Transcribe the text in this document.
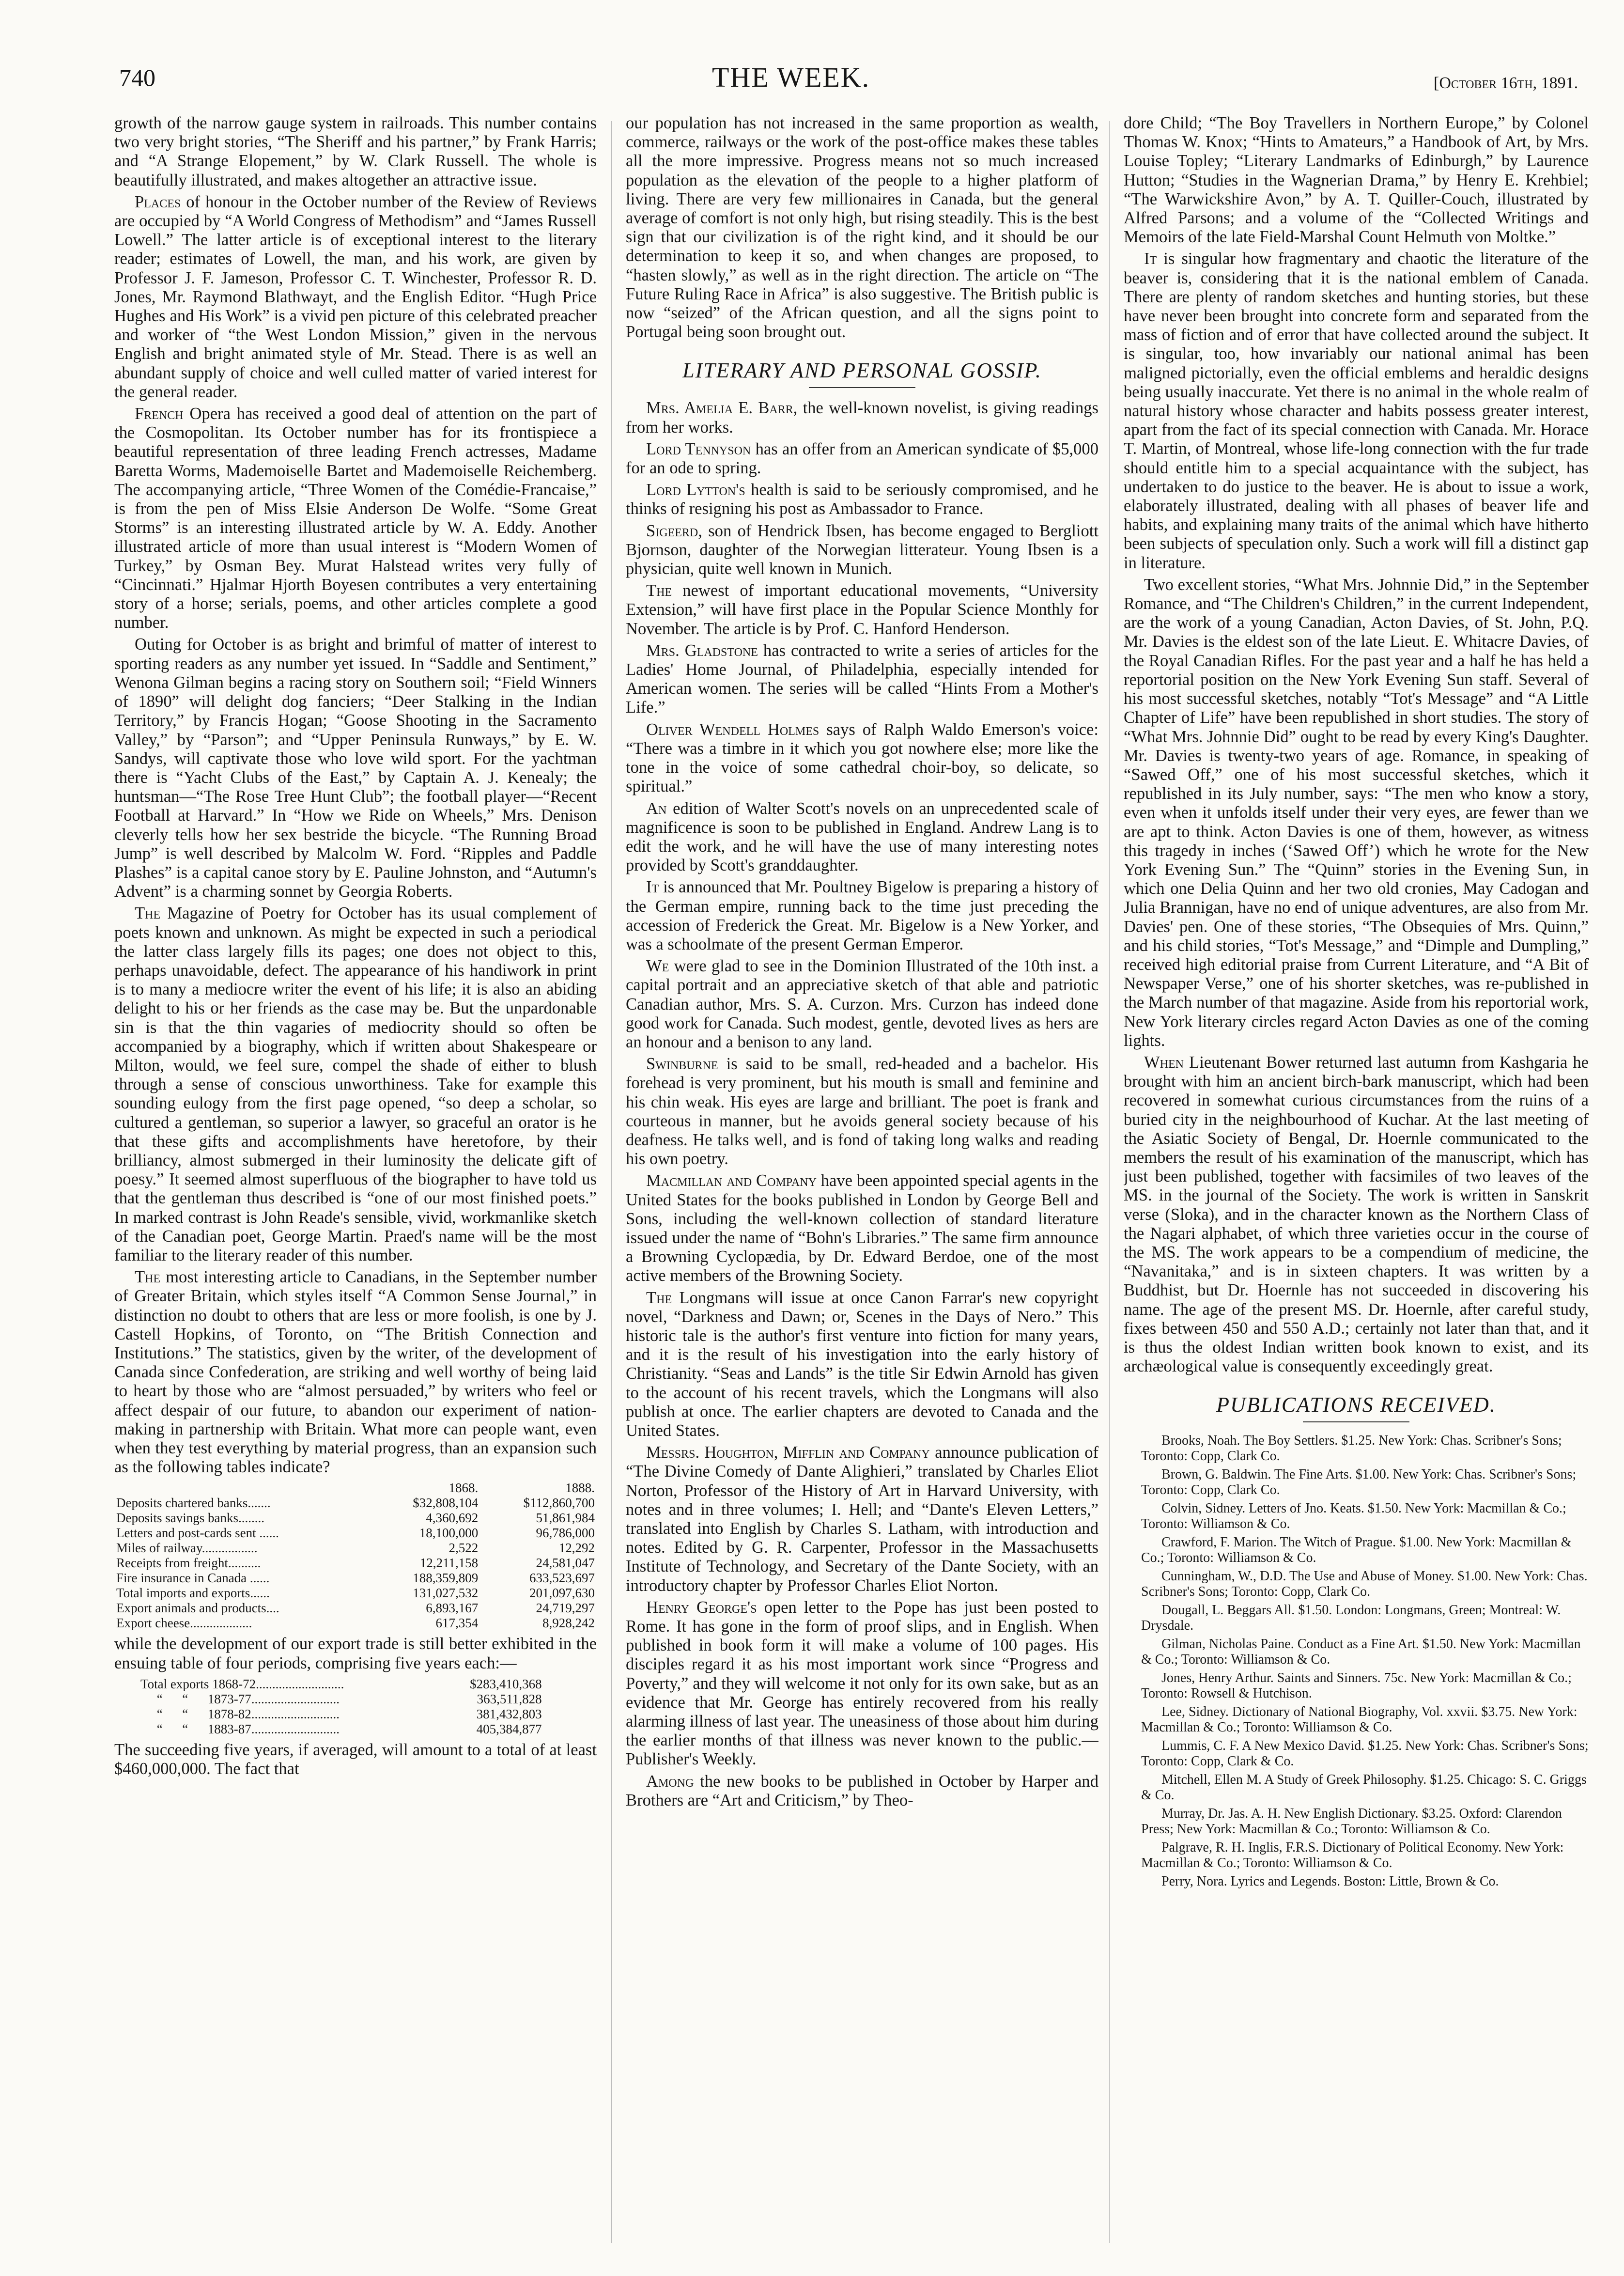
740	THE WEEK.	[October 16th, 1891.

growth of the narrow gauge system in railroads. This number contains two very bright stories, “The Sheriff and his partner,” by Frank Harris; and “A Strange Elopement,” by W. Clark Russell. The whole is beautifully illustrated, and makes altogether an attractive issue.

Places of honour in the October number of the Review of Reviews are occupied by “A World Congress of Methodism” and “James Russell Lowell.” The latter article is of exceptional interest to the literary reader; estimates of Lowell, the man, and his work, are given by Professor J. F. Jameson, Professor C. T. Winchester, Professor R. D. Jones, Mr. Raymond Blathwayt, and the English Editor. “Hugh Price Hughes and His Work” is a vivid pen picture of this celebrated preacher and worker of “the West London Mission,” given in the nervous English and bright animated style of Mr. Stead. There is as well an abundant supply of choice and well culled matter of varied interest for the general reader.

French Opera has received a good deal of attention on the part of the Cosmopolitan. Its October number has for its frontispiece a beautiful representation of three leading French actresses, Madame Baretta Worms, Mademoiselle Bartet and Mademoiselle Reichemberg. The accompanying article, “Three Women of the Comédie-Francaise,” is from the pen of Miss Elsie Anderson De Wolfe. “Some Great Storms” is an interesting illustrated article by W. A. Eddy. Another illustrated article of more than usual interest is “Modern Women of Turkey,” by Osman Bey. Murat Halstead writes very fully of “Cincinnati.” Hjalmar Hjorth Boyesen contributes a very entertaining story of a horse; serials, poems, and other articles complete a good number.

Outing for October is as bright and brimful of matter of interest to sporting readers as any number yet issued. In “Saddle and Sentiment,” Wenona Gilman begins a racing story on Southern soil; “Field Winners of 1890” will delight dog fanciers; “Deer Stalking in the Indian Territory,” by Francis Hogan; “Goose Shooting in the Sacramento Valley,” by “Parson”; and “Upper Peninsula Runways,” by E. W. Sandys, will captivate those who love wild sport. For the yachtman there is “Yacht Clubs of the East,” by Captain A. J. Kenealy; the huntsman—“The Rose Tree Hunt Club”; the football player—“Recent Football at Harvard.” In “How we Ride on Wheels,” Mrs. Denison cleverly tells how her sex bestride the bicycle. “The Running Broad Jump” is well described by Malcolm W. Ford. “Ripples and Paddle Plashes” is a capital canoe story by E. Pauline Johnston, and “Autumn's Advent” is a charming sonnet by Georgia Roberts.

The Magazine of Poetry for October has its usual complement of poets known and unknown. As might be expected in such a periodical the latter class largely fills its pages; one does not object to this, perhaps unavoidable, defect. The appearance of his handiwork in print is to many a mediocre writer the event of his life; it is also an abiding delight to his or her friends as the case may be. But the unpardonable sin is that the thin vagaries of mediocrity should so often be accompanied by a biography, which if written about Shakespeare or Milton, would, we feel sure, compel the shade of either to blush through a sense of conscious unworthiness. Take for example this sounding eulogy from the first page opened, “so deep a scholar, so cultured a gentleman, so superior a lawyer, so graceful an orator is he that these gifts and accomplishments have heretofore, by their brilliancy, almost submerged in their luminosity the delicate gift of poesy.” It seemed almost superfluous of the biographer to have told us that the gentleman thus described is “one of our most finished poets.” In marked contrast is John Reade's sensible, vivid, workmanlike sketch of the Canadian poet, George Martin. Praed's name will be the most familiar to the literary reader of this number.

The most interesting article to Canadians, in the September number of Greater Britain, which styles itself “A Common Sense Journal,” in distinction no doubt to others that are less or more foolish, is one by J. Castell Hopkins, of Toronto, on “The British Connection and Institutions.” The statistics, given by the writer, of the development of Canada since Confederation, are striking and well worthy of being laid to heart by those who are “almost persuaded,” by writers who feel or affect despair of our future, to abandon our experiment of nation-making in partnership with Britain. What more can people want, even when they test everything by material progress, than an expansion such as the following tables indicate?

	1868.	1888.
Deposits chartered banks.......	$32,808,104	$112,860,700
Deposits savings banks........	4,360,692	51,861,984
Letters and post-cards sent ......	18,100,000	96,786,000
Miles of railway.................	2,522	12,292
Receipts from freight..........	12,211,158	24,581,047
Fire insurance in Canada ......	188,359,809	633,523,697
Total imports and exports......	131,027,532	201,097,630
Export animals and products....	6,893,167	24,719,297
Export cheese...................	617,354	8,928,242

while the development of our export trade is still better exhibited in the ensuing table of four periods, comprising five years each:—

Total exports 1868-72...........................	$283,410,368
“      “      1873-77...........................	363,511,828
“      “      1878-82...........................	381,432,803
“      “      1883-87...........................	405,384,877

The succeeding five years, if averaged, will amount to a total of at least $460,000,000. The fact that

our population has not increased in the same proportion as wealth, commerce, railways or the work of the post-office makes these tables all the more impressive. Progress means not so much increased population as the elevation of the people to a higher platform of living. There are very few millionaires in Canada, but the general average of comfort is not only high, but rising steadily. This is the best sign that our civilization is of the right kind, and it should be our determination to keep it so, and when changes are proposed, to “hasten slowly,” as well as in the right direction. The article on “The Future Ruling Race in Africa” is also suggestive. The British public is now “seized” of the African question, and all the signs point to Portugal being soon brought out.

LITERARY AND PERSONAL GOSSIP.

Mrs. Amelia E. Barr, the well-known novelist, is giving readings from her works.

Lord Tennyson has an offer from an American syndicate of $5,000 for an ode to spring.

Lord Lytton's health is said to be seriously compromised, and he thinks of resigning his post as Ambassador to France.

Sigeerd, son of Hendrick Ibsen, has become engaged to Bergliott Bjornson, daughter of the Norwegian litterateur. Young Ibsen is a physician, quite well known in Munich.

The newest of important educational movements, “University Extension,” will have first place in the Popular Science Monthly for November. The article is by Prof. C. Hanford Henderson.

Mrs. Gladstone has contracted to write a series of articles for the Ladies' Home Journal, of Philadelphia, especially intended for American women. The series will be called “Hints From a Mother's Life.”

Oliver Wendell Holmes says of Ralph Waldo Emerson's voice: “There was a timbre in it which you got nowhere else; more like the tone in the voice of some cathedral choir-boy, so delicate, so spiritual.”

An edition of Walter Scott's novels on an unprecedented scale of magnificence is soon to be published in England. Andrew Lang is to edit the work, and he will have the use of many interesting notes provided by Scott's granddaughter.

It is announced that Mr. Poultney Bigelow is preparing a history of the German empire, running back to the time just preceding the accession of Frederick the Great. Mr. Bigelow is a New Yorker, and was a schoolmate of the present German Emperor.

We were glad to see in the Dominion Illustrated of the 10th inst. a capital portrait and an appreciative sketch of that able and patriotic Canadian author, Mrs. S. A. Curzon. Mrs. Curzon has indeed done good work for Canada. Such modest, gentle, devoted lives as hers are an honour and a benison to any land.

Swinburne is said to be small, red-headed and a bachelor. His forehead is very prominent, but his mouth is small and feminine and his chin weak. His eyes are large and brilliant. The poet is frank and courteous in manner, but he avoids general society because of his deafness. He talks well, and is fond of taking long walks and reading his own poetry.

Macmillan and Company have been appointed special agents in the United States for the books published in London by George Bell and Sons, including the well-known collection of standard literature issued under the name of “Bohn's Libraries.” The same firm announce a Browning Cyclopædia, by Dr. Edward Berdoe, one of the most active members of the Browning Society.

The Longmans will issue at once Canon Farrar's new copyright novel, “Darkness and Dawn; or, Scenes in the Days of Nero.” This historic tale is the author's first venture into fiction for many years, and it is the result of his investigation into the early history of Christianity. “Seas and Lands” is the title Sir Edwin Arnold has given to the account of his recent travels, which the Longmans will also publish at once. The earlier chapters are devoted to Canada and the United States.

Messrs. Houghton, Mifflin and Company announce publication of “The Divine Comedy of Dante Alighieri,” translated by Charles Eliot Norton, Professor of the History of Art in Harvard University, with notes and in three volumes; I. Hell; and “Dante's Eleven Letters,” translated into English by Charles S. Latham, with introduction and notes. Edited by G. R. Carpenter, Professor in the Massachusetts Institute of Technology, and Secretary of the Dante Society, with an introductory chapter by Professor Charles Eliot Norton.

Henry George's open letter to the Pope has just been posted to Rome. It has gone in the form of proof slips, and in English. When published in book form it will make a volume of 100 pages. His disciples regard it as his most important work since “Progress and Poverty,” and they will welcome it not only for its own sake, but as an evidence that Mr. George has entirely recovered from his really alarming illness of last year. The uneasiness of those about him during the earlier months of that illness was never known to the public.—Publisher's Weekly.

Among the new books to be published in October by Harper and Brothers are “Art and Criticism,” by Theo-

dore Child; “The Boy Travellers in Northern Europe,” by Colonel Thomas W. Knox; “Hints to Amateurs,” a Handbook of Art, by Mrs. Louise Topley; “Literary Landmarks of Edinburgh,” by Laurence Hutton; “Studies in the Wagnerian Drama,” by Henry E. Krehbiel; “The Warwickshire Avon,” by A. T. Quiller-Couch, illustrated by Alfred Parsons; and a volume of the “Collected Writings and Memoirs of the late Field-Marshal Count Helmuth von Moltke.”

It is singular how fragmentary and chaotic the literature of the beaver is, considering that it is the national emblem of Canada. There are plenty of random sketches and hunting stories, but these have never been brought into concrete form and separated from the mass of fiction and of error that have collected around the subject. It is singular, too, how invariably our national animal has been maligned pictorially, even the official emblems and heraldic designs being usually inaccurate. Yet there is no animal in the whole realm of natural history whose character and habits possess greater interest, apart from the fact of its special connection with Canada. Mr. Horace T. Martin, of Montreal, whose life-long connection with the fur trade should entitle him to a special acquaintance with the subject, has undertaken to do justice to the beaver. He is about to issue a work, elaborately illustrated, dealing with all phases of beaver life and habits, and explaining many traits of the animal which have hitherto been subjects of speculation only. Such a work will fill a distinct gap in literature.

Two excellent stories, “What Mrs. Johnnie Did,” in the September Romance, and “The Children's Children,” in the current Independent, are the work of a young Canadian, Acton Davies, of St. John, P.Q. Mr. Davies is the eldest son of the late Lieut. E. Whitacre Davies, of the Royal Canadian Rifles. For the past year and a half he has held a reportorial position on the New York Evening Sun staff. Several of his most successful sketches, notably “Tot's Message” and “A Little Chapter of Life” have been republished in short studies. The story of “What Mrs. Johnnie Did” ought to be read by every King's Daughter. Mr. Davies is twenty-two years of age. Romance, in speaking of “Sawed Off,” one of his most successful sketches, which it republished in its July number, says: “The men who know a story, even when it unfolds itself under their very eyes, are fewer than we are apt to think. Acton Davies is one of them, however, as witness this tragedy in inches (‘Sawed Off’) which he wrote for the New York Evening Sun.” The “Quinn” stories in the Evening Sun, in which one Delia Quinn and her two old cronies, May Cadogan and Julia Brannigan, have no end of unique adventures, are also from Mr. Davies' pen. One of these stories, “The Obsequies of Mrs. Quinn,” and his child stories, “Tot's Message,” and “Dimple and Dumpling,” received high editorial praise from Current Literature, and “A Bit of Newspaper Verse,” one of his shorter sketches, was re-published in the March number of that magazine. Aside from his reportorial work, New York literary circles regard Acton Davies as one of the coming lights.

When Lieutenant Bower returned last autumn from Kashgaria he brought with him an ancient birch-bark manuscript, which had been recovered in somewhat curious circumstances from the ruins of a buried city in the neighbourhood of Kuchar. At the last meeting of the Asiatic Society of Bengal, Dr. Hoernle communicated to the members the result of his examination of the manuscript, which has just been published, together with facsimiles of two leaves of the MS. in the journal of the Society. The work is written in Sanskrit verse (Sloka), and in the character known as the Northern Class of the Nagari alphabet, of which three varieties occur in the course of the MS. The work appears to be a compendium of medicine, the “Navanitaka,” and is in sixteen chapters. It was written by a Buddhist, but Dr. Hoernle has not succeeded in discovering his name. The age of the present MS. Dr. Hoernle, after careful study, fixes between 450 and 550 A.D.; certainly not later than that, and it is thus the oldest Indian written book known to exist, and its archæological value is consequently exceedingly great.

PUBLICATIONS RECEIVED.

Brooks, Noah. The Boy Settlers. $1.25. New York: Chas. Scribner's Sons; Toronto: Copp, Clark Co.

Brown, G. Baldwin. The Fine Arts. $1.00. New York: Chas. Scribner's Sons; Toronto: Copp, Clark Co.

Colvin, Sidney. Letters of Jno. Keats. $1.50. New York: Macmillan & Co.; Toronto: Williamson & Co.

Crawford, F. Marion. The Witch of Prague. $1.00. New York: Macmillan & Co.; Toronto: Williamson & Co.

Cunningham, W., D.D. The Use and Abuse of Money. $1.00. New York: Chas. Scribner's Sons; Toronto: Copp, Clark Co.

Dougall, L. Beggars All. $1.50. London: Longmans, Green; Montreal: W. Drysdale.

Gilman, Nicholas Paine. Conduct as a Fine Art. $1.50. New York: Macmillan & Co.; Toronto: Williamson & Co.

Jones, Henry Arthur. Saints and Sinners. 75c. New York: Macmillan & Co.; Toronto: Rowsell & Hutchison.

Lee, Sidney. Dictionary of National Biography, Vol. xxvii. $3.75. New York: Macmillan & Co.; Toronto: Williamson & Co.

Lummis, C. F. A New Mexico David. $1.25. New York: Chas. Scribner's Sons; Toronto: Copp, Clark & Co.

Mitchell, Ellen M. A Study of Greek Philosophy. $1.25. Chicago: S. C. Griggs & Co.

Murray, Dr. Jas. A. H. New English Dictionary. $3.25. Oxford: Clarendon Press; New York: Macmillan & Co.; Toronto: Williamson & Co.

Palgrave, R. H. Inglis, F.R.S. Dictionary of Political Economy. New York: Macmillan & Co.; Toronto: Williamson & Co.

Perry, Nora. Lyrics and Legends. Boston: Little, Brown & Co.
